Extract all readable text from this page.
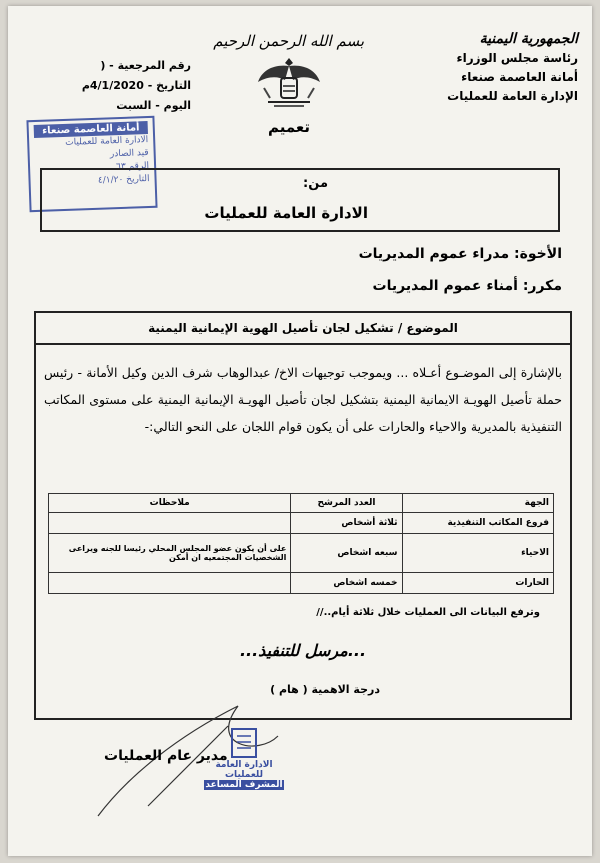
الجمهورية اليمنية
رئاسة مجلس الوزراء
أمانة العاصمة صنعاء
الإدارة العامة للعمليات
بسم الله الرحمن الرحيم
تعميم
رقم المرجعية - (
التاريخ - 4/1/2020م
اليوم - السبت
أمانة العاصمة صنعاء
الادارة العامة للعمليات
قيد الصادر
الرقم ٦٣
التاريخ ٤/١/٢٠	من:
الادارة العامة للعمليات
الأخوة: مدراء عموم المديريات
مكرر: أمناء عموم المديريات
الموضوع / تشكيل لجان تأصيل الهوية الإيمانية اليمنية
بالإشارة إلى الموضـوع أعـلاه ... ويموجب توجيهات الاخ/ عبدالوهاب شرف الدين وكيل الأمانة - رئيس حملة تأصيل الهويـة الايمانية اليمنية بتشكيل لجان تأصيل الهويـة الإيمانية اليمنية على مستوى المكاتب التنفيذية بالمديرية والاحياء والحارات على أن يكون قوام اللجان على النحو التالي:-
الجهة	العدد المرشح	ملاحظات
فروع المكاتب التنفيذية	ثلاثة أشخاص	
الاحياء	سبعه اشخاص	على أن يكون عضو المجلس المحلي رئيسا للجنه ويراعى الشخصيات المجتمعيه ان أمكن
الحارات	خمسه اشخاص	
وترفع البيانات الى العمليات خلال ثلاثة أيام..//
...مرسل للتنفيذ...
درجة الاهمية ( هام )
مدير عام العمليات
الادارة العامة
للعمليات
المشرف المساعد
